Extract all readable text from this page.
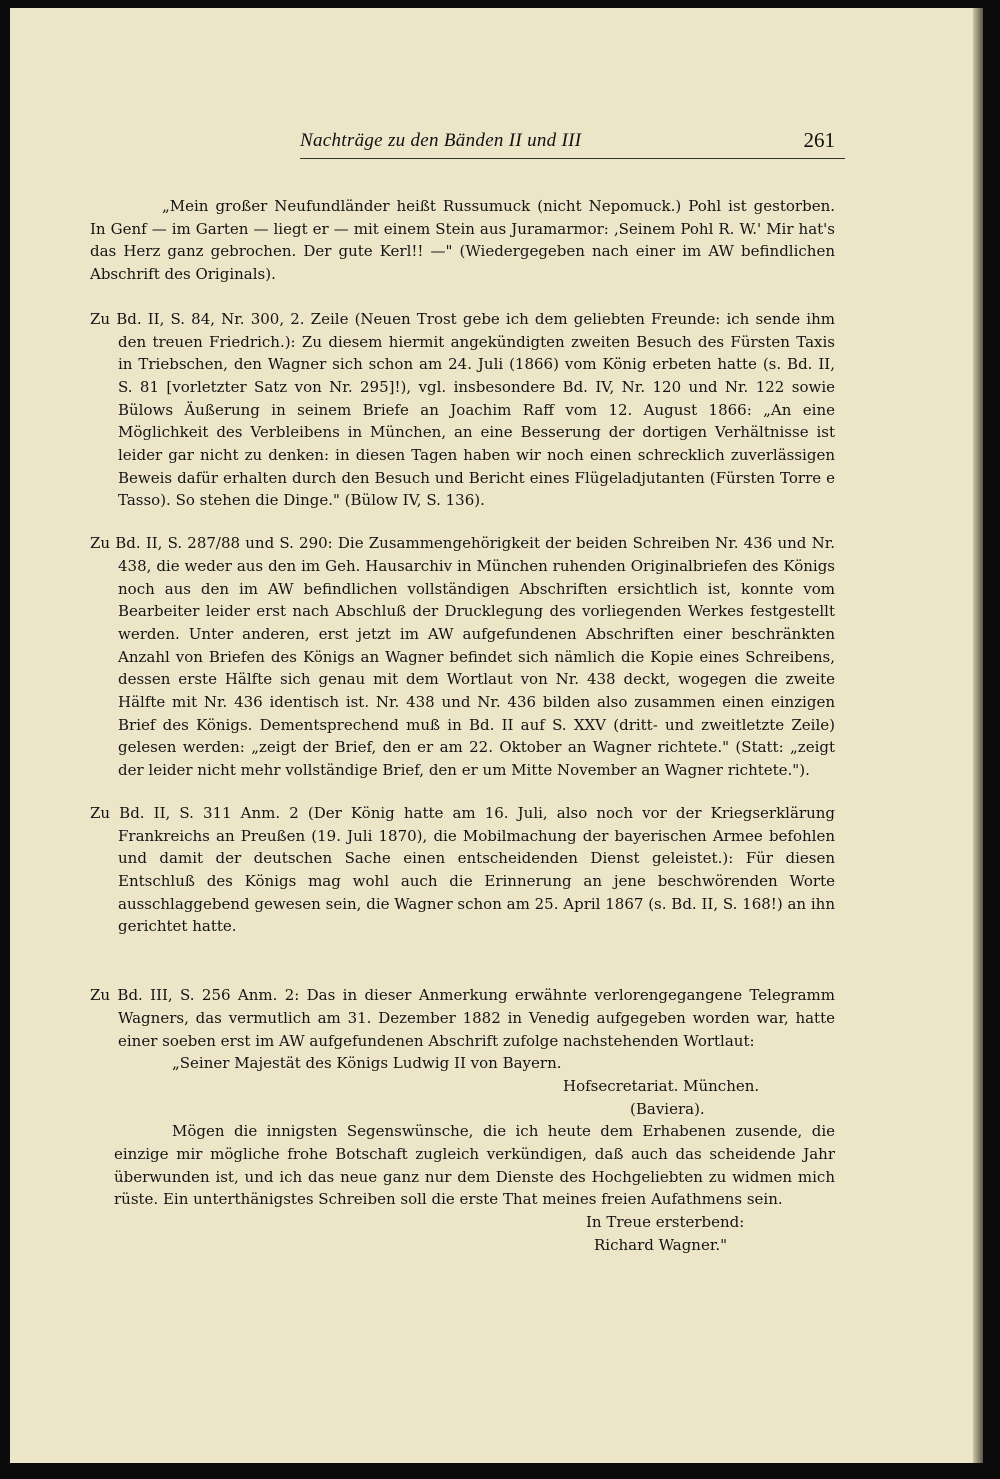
Nachträge zu den Bänden II und III	261

„Mein großer Neufundländer heißt Russumuck (nicht Nepomuck.) Pohl ist gestorben. In Genf — im Garten — liegt er — mit einem Stein aus Juramarmor: ‚Seinem Pohl R. W.' Mir hat's das Herz ganz gebrochen. Der gute Kerl!! —" (Wiedergegeben nach einer im AW befindlichen Abschrift des Originals).

Zu Bd. II, S. 84, Nr. 300, 2. Zeile (Neuen Trost gebe ich dem geliebten Freunde: ich sende ihm den treuen Friedrich.): Zu diesem hiermit angekündigten zweiten Besuch des Fürsten Taxis in Triebschen, den Wagner sich schon am 24. Juli (1866) vom König erbeten hatte (s. Bd. II, S. 81 [vorletzter Satz von Nr. 295]!), vgl. insbesondere Bd. IV, Nr. 120 und Nr. 122 sowie Bülows Äußerung in seinem Briefe an Joachim Raff vom 12. August 1866: „An eine Möglichkeit des Verbleibens in München, an eine Besserung der dortigen Verhältnisse ist leider gar nicht zu denken: in diesen Tagen haben wir noch einen schrecklich zuverlässigen Beweis dafür erhalten durch den Besuch und Bericht eines Flügeladjutanten (Fürsten Torre e Tasso). So stehen die Dinge." (Bülow IV, S. 136).

Zu Bd. II, S. 287/88 und S. 290: Die Zusammengehörigkeit der beiden Schreiben Nr. 436 und Nr. 438, die weder aus den im Geh. Hausarchiv in München ruhenden Originalbriefen des Königs noch aus den im AW befindlichen vollständigen Abschriften ersichtlich ist, konnte vom Bearbeiter leider erst nach Abschluß der Drucklegung des vorliegenden Werkes festgestellt werden. Unter anderen, erst jetzt im AW aufgefundenen Abschriften einer beschränkten Anzahl von Briefen des Königs an Wagner befindet sich nämlich die Kopie eines Schreibens, dessen erste Hälfte sich genau mit dem Wortlaut von Nr. 438 deckt, wogegen die zweite Hälfte mit Nr. 436 identisch ist. Nr. 438 und Nr. 436 bilden also zusammen einen einzigen Brief des Königs. Dementsprechend muß in Bd. II auf S. XXV (dritt- und zweitletzte Zeile) gelesen werden: „zeigt der Brief, den er am 22. Oktober an Wagner richtete." (Statt: „zeigt der leider nicht mehr vollständige Brief, den er um Mitte November an Wagner richtete.").

Zu Bd. II, S. 311 Anm. 2 (Der König hatte am 16. Juli, also noch vor der Kriegserklärung Frankreichs an Preußen (19. Juli 1870), die Mobilmachung der bayerischen Armee befohlen und damit der deutschen Sache einen entscheidenden Dienst geleistet.): Für diesen Entschluß des Königs mag wohl auch die Erinnerung an jene beschwörenden Worte ausschlaggebend gewesen sein, die Wagner schon am 25. April 1867 (s. Bd. II, S. 168!) an ihn gerichtet hatte.

Zu Bd. III, S. 256 Anm. 2: Das in dieser Anmerkung erwähnte verlorengegangene Telegramm Wagners, das vermutlich am 31. Dezember 1882 in Venedig aufgegeben worden war, hatte einer soeben erst im AW aufgefundenen Abschrift zufolge nachstehenden Wortlaut:

„Seiner Majestät des Königs Ludwig II von Bayern.

Hofsecretariat. München.

(Baviera).

Mögen die innigsten Segenswünsche, die ich heute dem Erhabenen zusende, die einzige mir mögliche frohe Botschaft zugleich verkündigen, daß auch das scheidende Jahr überwunden ist, und ich das neue ganz nur dem Dienste des Hochgeliebten zu widmen mich rüste. Ein unterthänigstes Schreiben soll die erste That meines freien Aufathmens sein.

In Treue ersterbend:

Richard Wagner."
